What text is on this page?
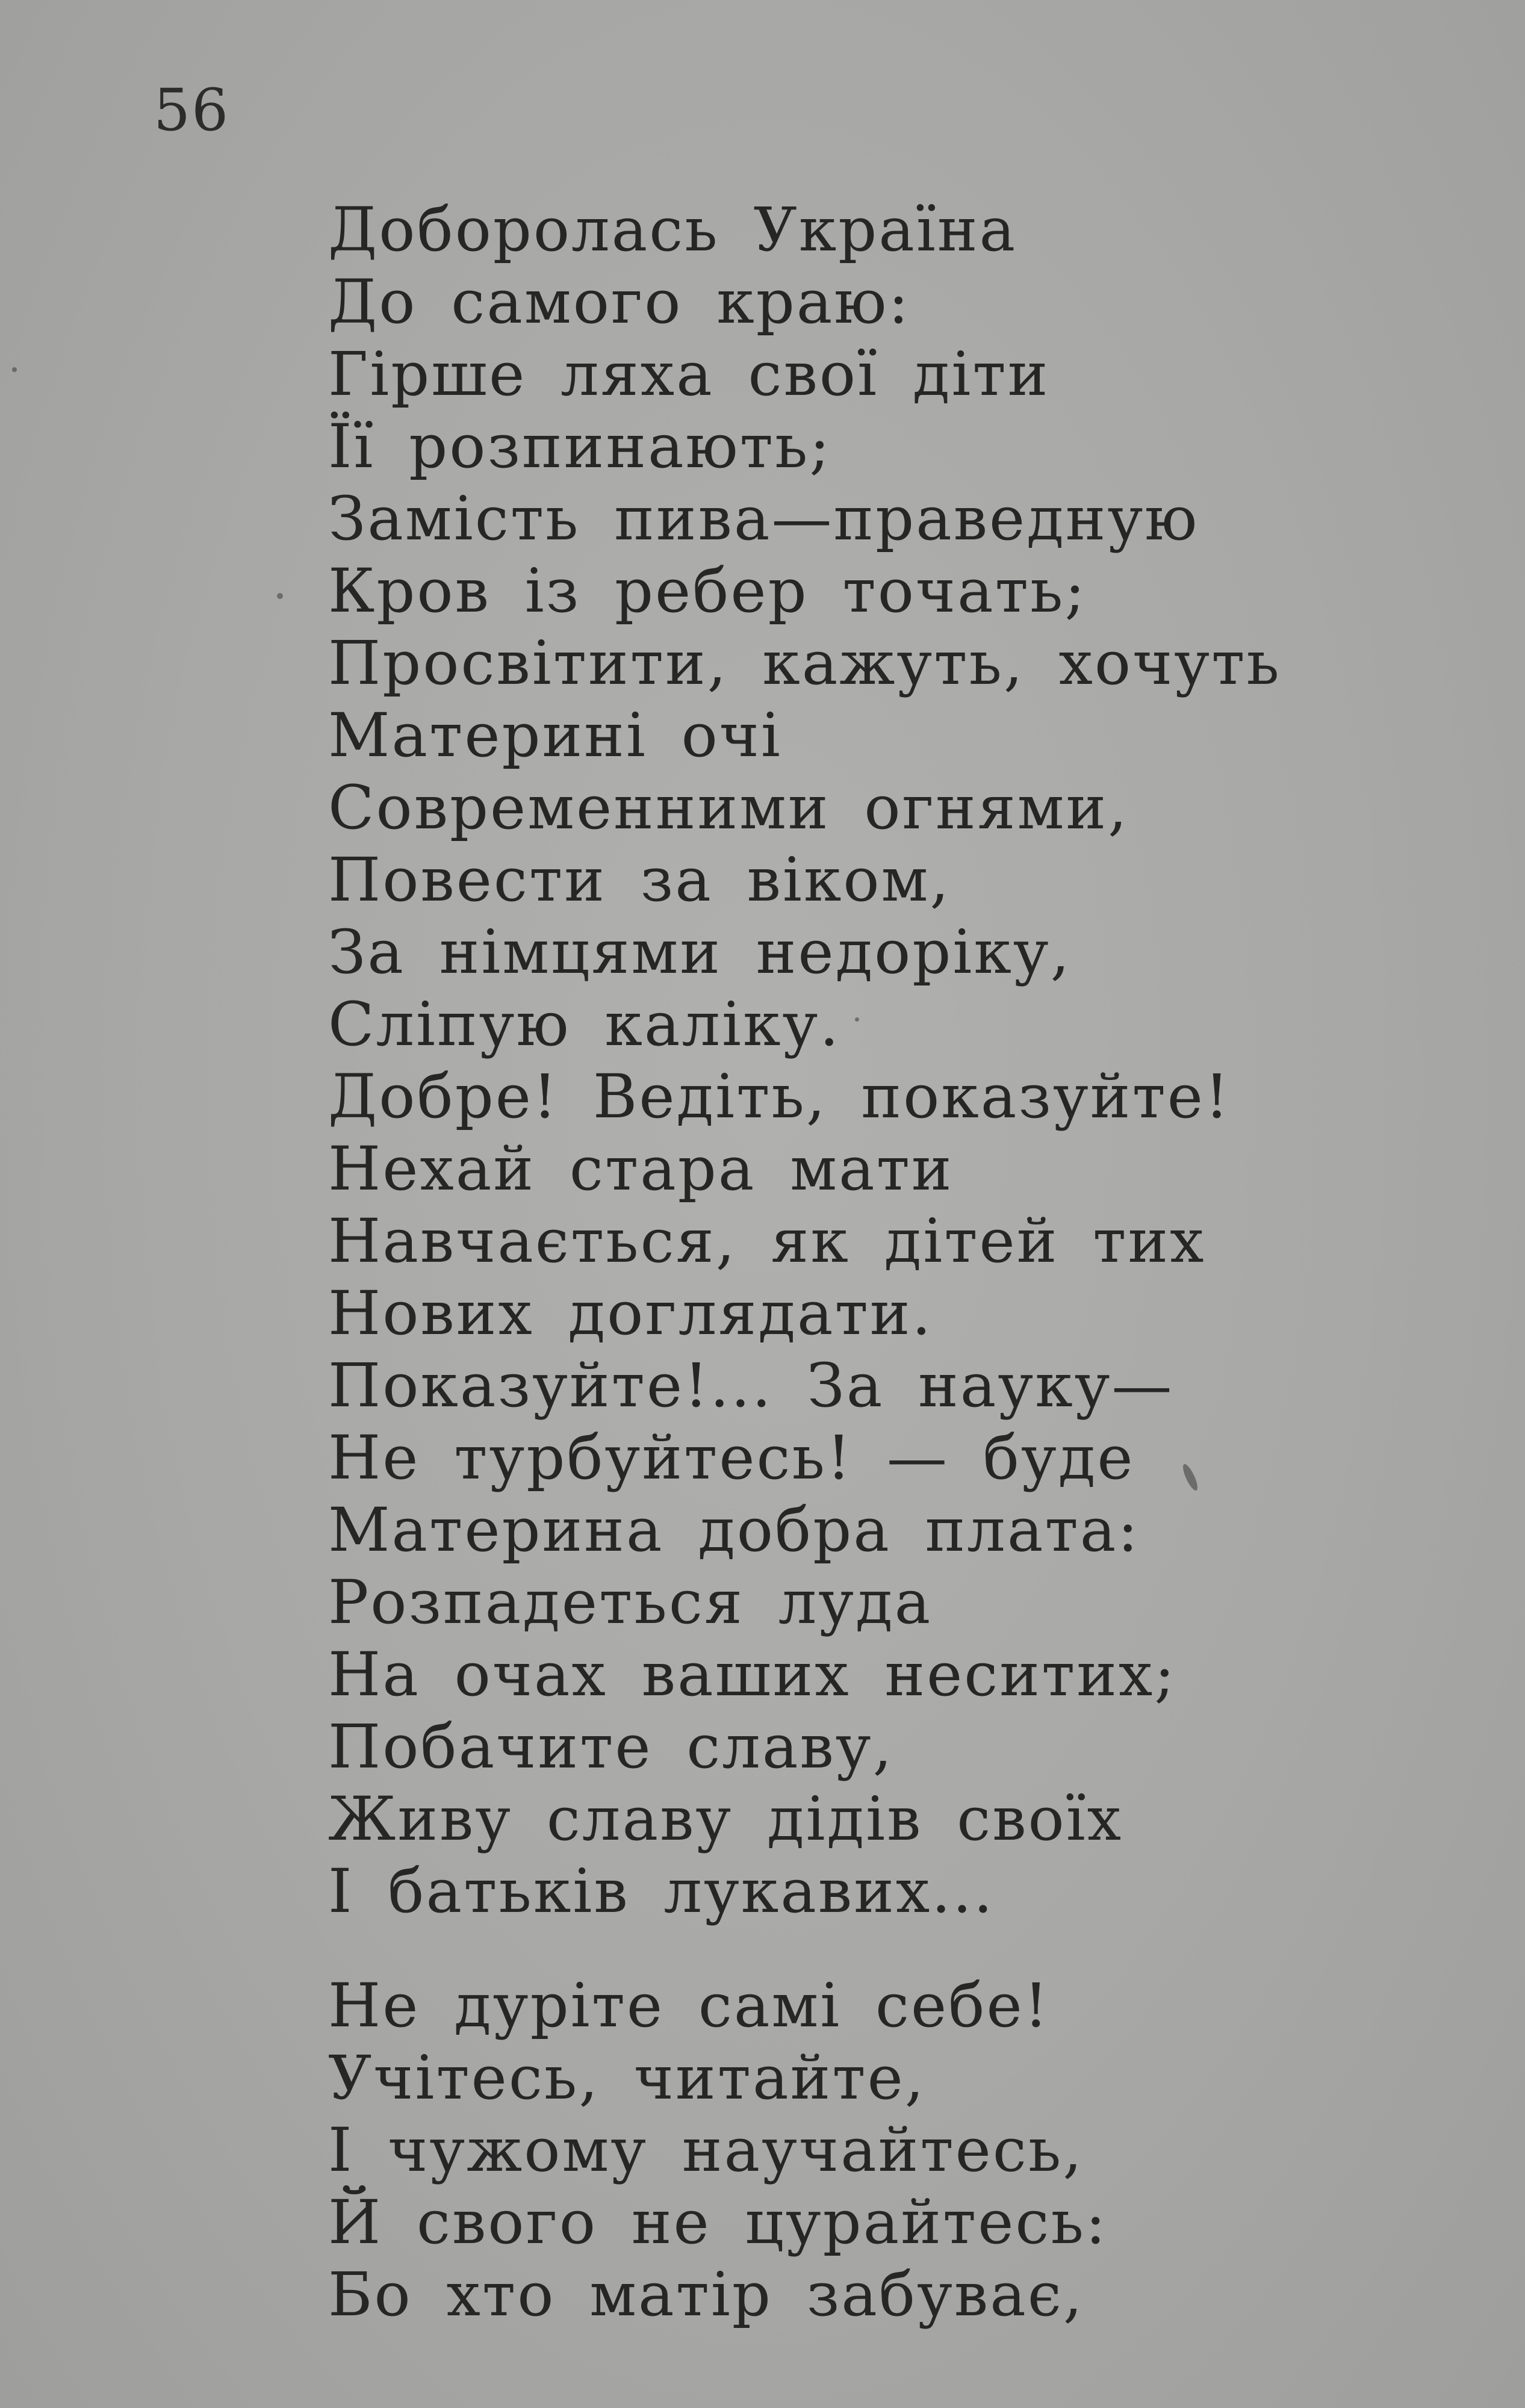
56
Доборолась Україна
До самого краю:
Гірше ляха свої діти
Її розпинають;
Замість пива—праведную
Кров із ребер точать;
Просвітити, кажуть, хочуть
Материні очі
Современними огнями,
Повести за віком,
За німцями недоріку,
Сліпую каліку.
Добре! Ведіть, показуйте!
Нехай стара мати
Навчається, як дітей тих
Нових доглядати.
Показуйте!... За науку—
Не турбуйтесь! — буде
Материна добра плата:
Розпадеться луда
На очах ваших неситих;
Побачите славу,
Живу славу дідів своїх
І батьків лукавих...
Не дуріте самі себе!
Учітесь, читайте,
І чужому научайтесь,
Й свого не цурайтесь:
Бо хто матір забуває,
